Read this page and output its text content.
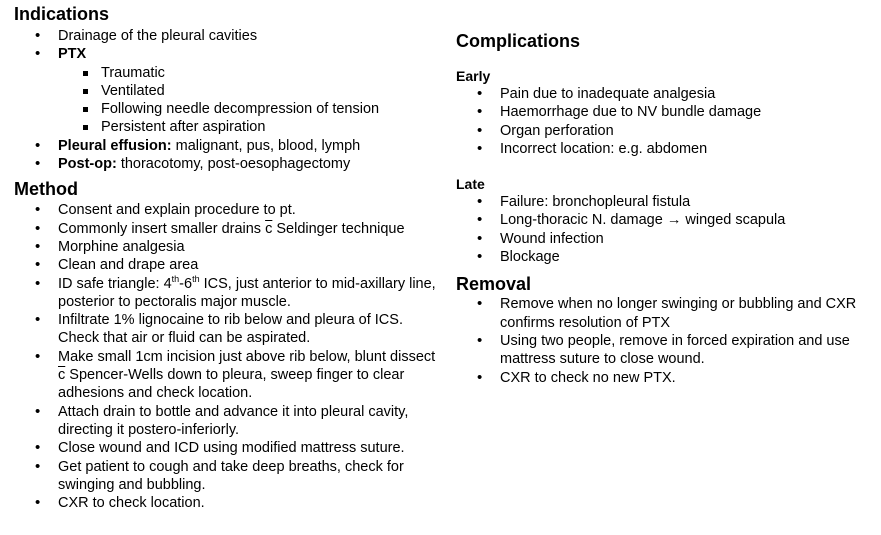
Indications
• Drainage of the pleural cavities
• PTX
Traumatic
Ventilated
Following needle decompression of tension
Persistent after aspiration
• Pleural effusion: malignant, pus, blood, lymph
• Post-op: thoracotomy, post-oesophagectomy
Method
• Consent and explain procedure to pt.
• Commonly insert smaller drains $\overline{c}$ Seldinger technique
• Morphine analgesia
• Clean and drape area
• ID safe triangle: 4th-6th ICS, just anterior to mid-axillary line, posterior to pectoralis major muscle.
• Infiltrate 1% lignocaine to rib below and pleura of ICS. Check that air or fluid can be aspirated.
• Make small 1cm incision just above rib below, blunt dissect $\overline{c}$ Spencer-Wells down to pleura, sweep finger to clear adhesions and check location.
• Attach drain to bottle and advance it into pleural cavity, directing it postero-inferiorly.
• Close wound and ICD using modified mattress suture.
• Get patient to cough and take deep breaths, check for swinging and bubbling.
• CXR to check location.
Complications
Early
• Pain due to inadequate analgesia
• Haemorrhage due to NV bundle damage
• Organ perforation
• Incorrect location: e.g. abdomen
Late
• Failure: bronchopleural fistula
• Long-thoracic N. damage → winged scapula
• Wound infection
• Blockage
Removal
• Remove when no longer swinging or bubbling and CXR confirms resolution of PTX
• Using two people, remove in forced expiration and use mattress suture to close wound.
• CXR to check no new PTX.
